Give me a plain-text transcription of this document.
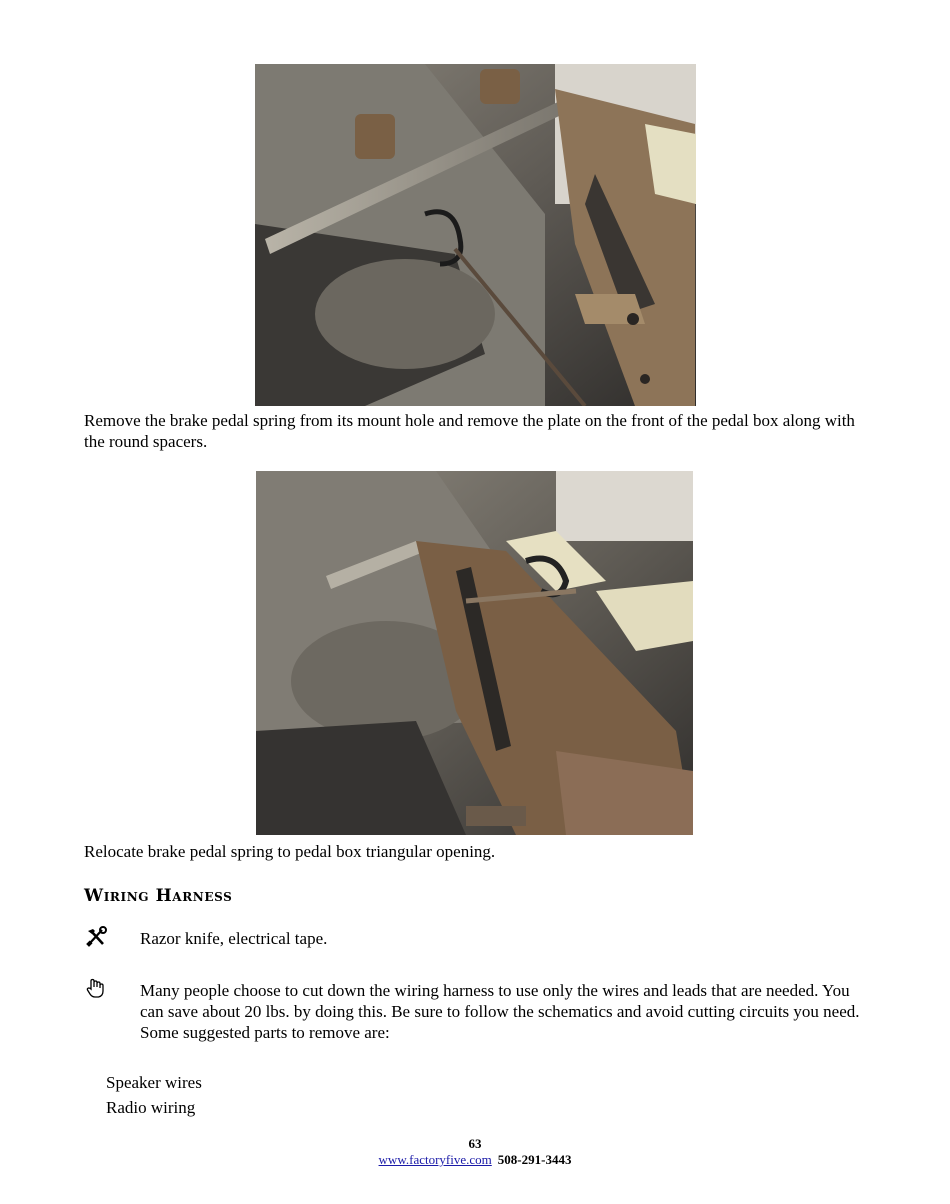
Remove the brake pedal spring from its mount hole and remove the plate on the front of the pedal box along with the round spacers.

Relocate brake pedal spring to pedal box triangular opening.

Wiring Harness

Razor knife, electrical tape.

Many people choose to cut down the wiring harness to use only the wires and leads that are needed. You can save about 20 lbs. by doing this. Be sure to follow the schematics and avoid cutting circuits you need. Some suggested parts to remove are:

Speaker wires
Radio wiring
63
www.factoryfive.com 508-291-3443
